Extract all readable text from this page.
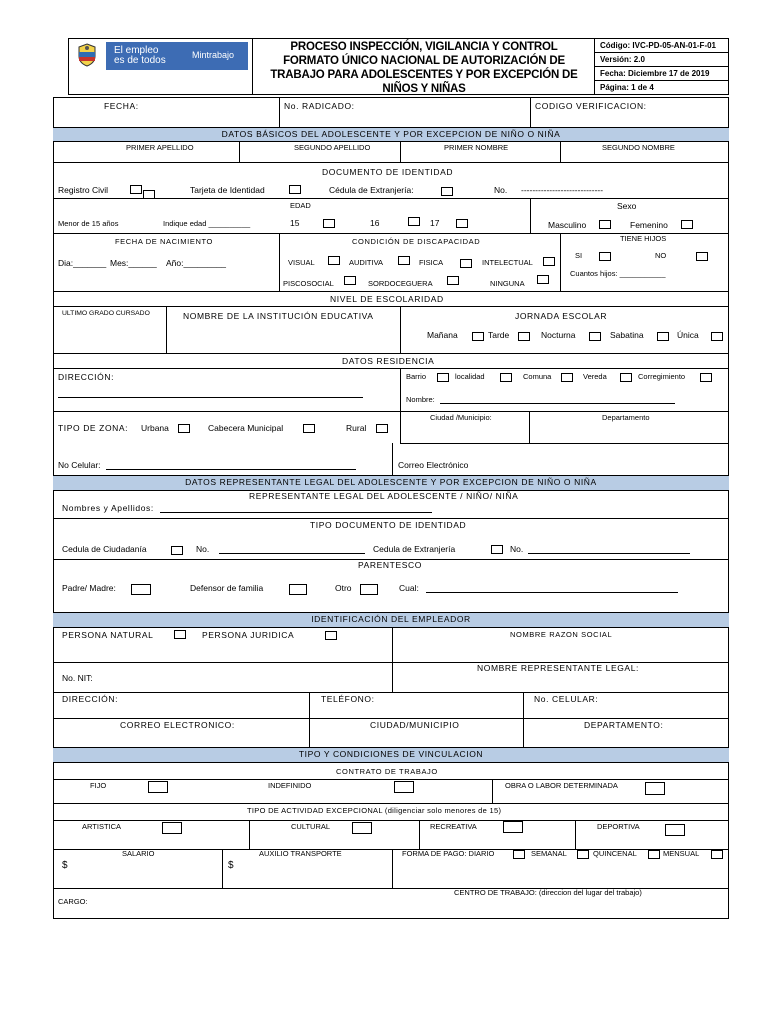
El empleo
es de todos	Mintrabajo
PROCESO INSPECCIÓN, VIGILANCIA Y CONTROL
FORMATO ÚNICO NACIONAL DE AUTORIZACIÓN DE
TRABAJO PARA ADOLESCENTES Y POR EXCEPCIÓN DE
NIÑOS Y NIÑAS
Código: IVC-PD-05-AN-01-F-01
Versión: 2.0
Fecha: Diciembre 17 de 2019
Página: 1 de 4
FECHA:	No. RADICADO:	CODIGO VERIFICACION:
DATOS BÁSICOS DEL ADOLESCENTE Y POR EXCEPCION DE NIÑO O NIÑA
PRIMER APELLIDO	SEGUNDO APELLIDO	PRIMER NOMBRE	SEGUNDO NOMBRE
DOCUMENTO DE IDENTIDAD
Registro Civil	Tarjeta de Identidad	Cédula de Extranjería:	No. -----------------------------
EDAD
Menor de 15 años	Indique edad __________	15	16	17
Sexo
Masculino	Femenino
FECHA DE NACIMIENTO
Dia:_______ Mes:______ Año:_________
CONDICIÓN DE DISCAPACIDAD
VISUAL	AUDITIVA	FISICA	INTELECTUAL
PISCOSOCIAL	SORDOCEGUERA	NINGUNA
TIENE HIJOS
SI	NO
Cuantos hijos: ___________
NIVEL DE ESCOLARIDAD
ULTIMO GRADO CURSADO	NOMBRE DE LA INSTITUCIÓN EDUCATIVA	JORNADA ESCOLAR
Mañana	Tarde	Nocturna	Sabatina	Única
DATOS RESIDENCIA
DIRECCIÓN:	Barrio	localidad	Comuna	Vereda	Corregimiento
Nombre:
TIPO DE ZONA: Urbana	Cabecera Municipal	Rural
Ciudad /Municipio:	Departamento
No Celular:	Correo Electrónico
DATOS REPRESENTANTE LEGAL DEL ADOLESCENTE Y POR EXCEPCION DE NIÑO O NIÑA
REPRESENTANTE LEGAL DEL ADOLESCENTE / NIÑO/ NIÑA
Nombres y Apellidos:
TIPO DOCUMENTO DE IDENTIDAD
Cedula de Ciudadanía	No.	Cedula de Extranjería	No.
PARENTESCO
Padre/ Madre:	Defensor de familia	Otro	Cual:
IDENTIFICACIÓN DEL EMPLEADOR
PERSONA NATURAL	PERSONA JURIDICA	NOMBRE RAZON SOCIAL
No. NIT:
NOMBRE REPRESENTANTE LEGAL:
DIRECCIÓN:	TELÉFONO:	No. CELULAR:
CORREO ELECTRONICO:	CIUDAD/MUNICIPIO	DEPARTAMENTO:
TIPO Y CONDICIONES DE VINCULACION
CONTRATO DE TRABAJO
FIJO	INDEFINIDO	OBRA O LABOR DETERMINADA
TIPO DE ACTIVIDAD EXCEPCIONAL (diligenciar solo menores de 15)
ARTISTICA	CULTURAL	RECREATIVA	DEPORTIVA
SALARIO
$
AUXILIO TRANSPORTE
$
FORMA DE PAGO: DIARIO	SEMANAL	QUINCENAL	MENSUAL
CENTRO DE TRABAJO: (direccion del lugar del trabajo)
CARGO:
